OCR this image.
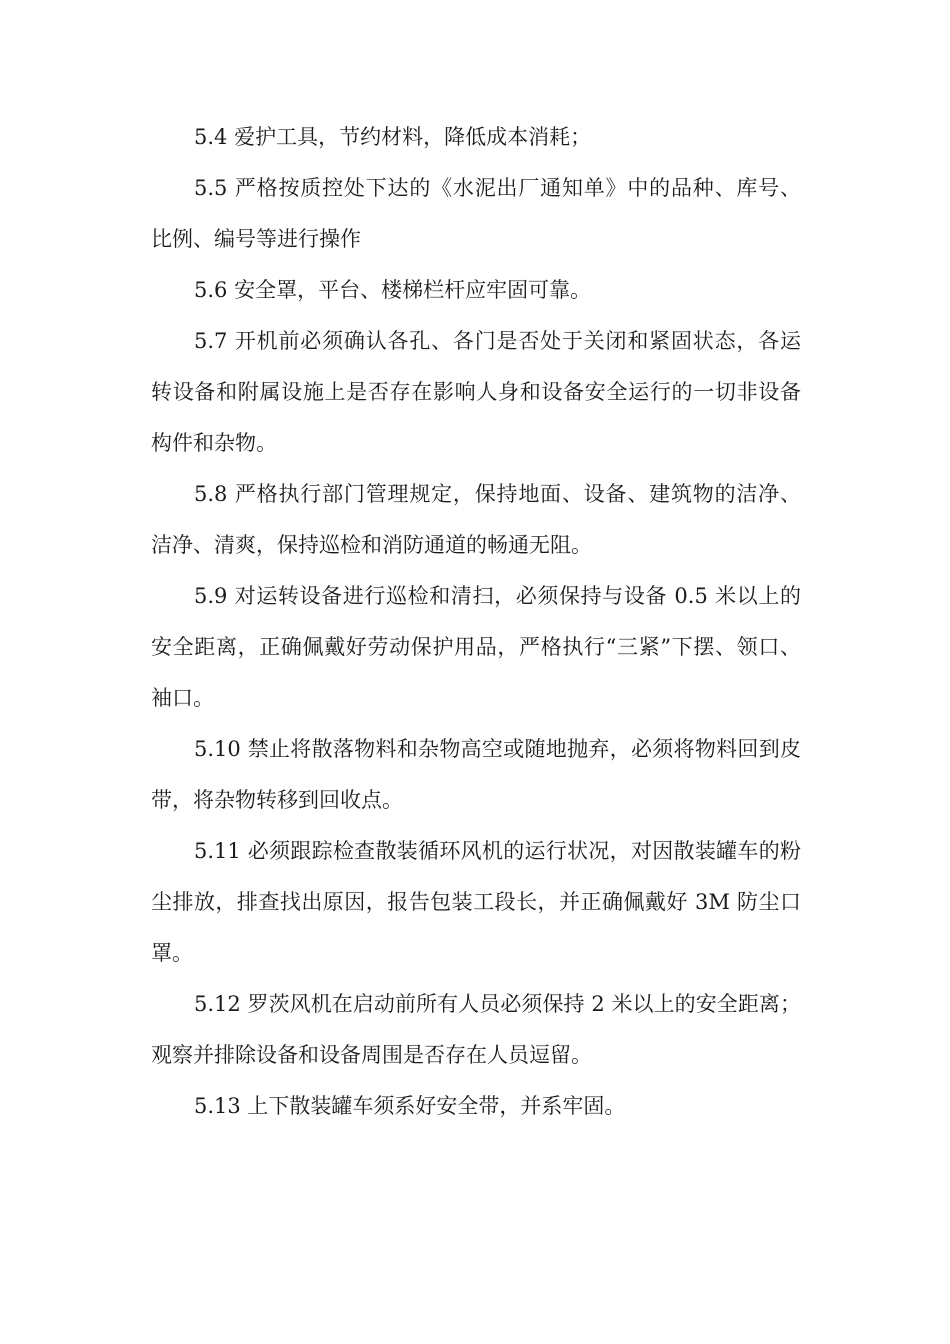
5.4 爱护工具，节约材料，降低成本消耗；

5.5 严格按质控处下达的《水泥出厂通知单》中的品种、库号、比例、编号等进行操作

5.6 安全罩，平台、楼梯栏杆应牢固可靠。

5.7 开机前必须确认各孔、各门是否处于关闭和紧固状态，各运转设备和附属设施上是否存在影响人身和设备安全运行的一切非设备构件和杂物。

5.8 严格执行部门管理规定，保持地面、设备、建筑物的洁净、洁净、清爽，保持巡检和消防通道的畅通无阻。

5.9 对运转设备进行巡检和清扫，必须保持与设备 0.5 米以上的安全距离，正确佩戴好劳动保护用品，严格执行“三紧”下摆、领口、袖口。

5.10 禁止将散落物料和杂物高空或随地抛弃，必须将物料回到皮带，将杂物转移到回收点。

5.11 必须跟踪检查散装循环风机的运行状况，对因散装罐车的粉尘排放，排查找出原因，报告包装工段长，并正确佩戴好 3M 防尘口罩。

5.12 罗茨风机在启动前所有人员必须保持 2 米以上的安全距离；观察并排除设备和设备周围是否存在人员逗留。

5.13 上下散装罐车须系好安全带，并系牢固。
